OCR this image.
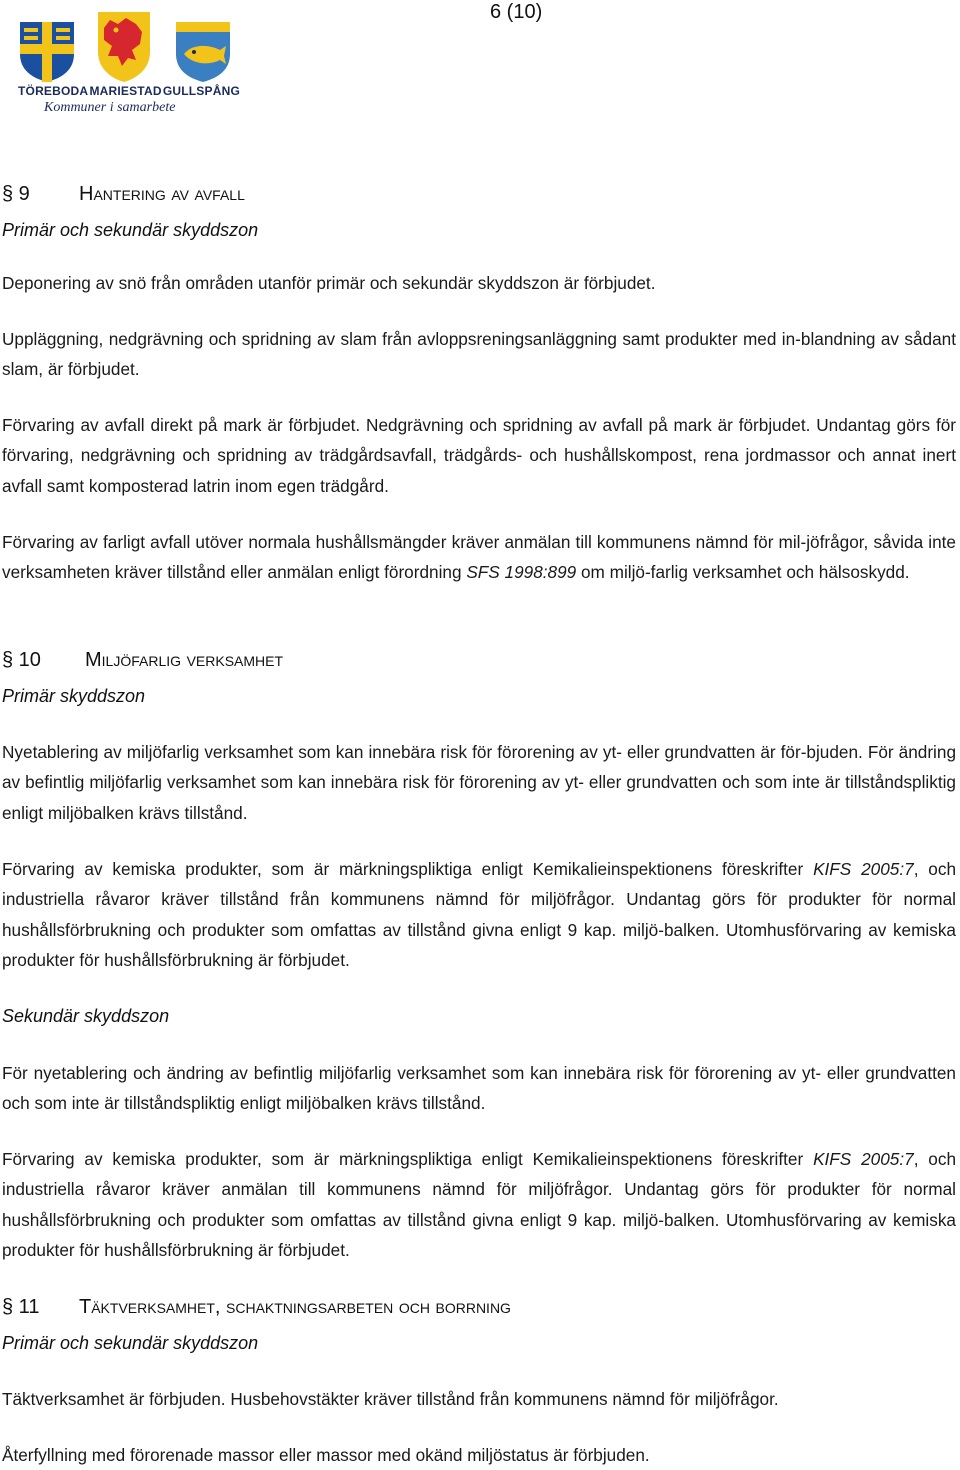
6 (10)
TÖREBODA MARIESTAD GULLSPÅNG
Kommuner i samarbete
§ 9 Hantering av avfall
Primär och sekundär skyddszon
Deponering av snö från områden utanför primär och sekundär skyddszon är förbjudet.
Uppläggning, nedgrävning och spridning av slam från avloppsreningsanläggning samt produkter med in-blandning av sådant slam, är förbjudet.
Förvaring av avfall direkt på mark är förbjudet. Nedgrävning och spridning av avfall på mark är förbjudet. Undantag görs för förvaring, nedgrävning och spridning av trädgårdsavfall, trädgårds- och hushållskompost, rena jordmassor och annat inert avfall samt komposterad latrin inom egen trädgård.
Förvaring av farligt avfall utöver normala hushållsmängder kräver anmälan till kommunens nämnd för mil-jöfrågor, såvida inte verksamheten kräver tillstånd eller anmälan enligt förordning SFS 1998:899 om miljö-farlig verksamhet och hälsoskydd.
§ 10 Miljöfarlig verksamhet
Primär skyddszon
Nyetablering av miljöfarlig verksamhet som kan innebära risk för förorening av yt- eller grundvatten är för-bjuden. För ändring av befintlig miljöfarlig verksamhet som kan innebära risk för förorening av yt- eller grundvatten och som inte är tillståndspliktig enligt miljöbalken krävs tillstånd.
Förvaring av kemiska produkter, som är märkningspliktiga enligt Kemikalieinspektionens föreskrifter KIFS 2005:7, och industriella råvaror kräver tillstånd från kommunens nämnd för miljöfrågor. Undantag görs för produkter för normal hushållsförbrukning och produkter som omfattas av tillstånd givna enligt 9 kap. miljö-balken. Utomhusförvaring av kemiska produkter för hushållsförbrukning är förbjudet.
Sekundär skyddszon
För nyetablering och ändring av befintlig miljöfarlig verksamhet som kan innebära risk för förorening av yt- eller grundvatten och som inte är tillståndspliktig enligt miljöbalken krävs tillstånd.
Förvaring av kemiska produkter, som är märkningspliktiga enligt Kemikalieinspektionens föreskrifter KIFS 2005:7, och industriella råvaror kräver anmälan till kommunens nämnd för miljöfrågor. Undantag görs för produkter för normal hushållsförbrukning och produkter som omfattas av tillstånd givna enligt 9 kap. miljö-balken. Utomhusförvaring av kemiska produkter för hushållsförbrukning är förbjudet.
§ 11 Täktverksamhet, schaktningsarbeten och borrning
Primär och sekundär skyddszon
Täktverksamhet är förbjuden. Husbehovstäkter kräver tillstånd från kommunens nämnd för miljöfrågor.
Återfyllning med förorenade massor eller massor med okänd miljöstatus är förbjuden.
